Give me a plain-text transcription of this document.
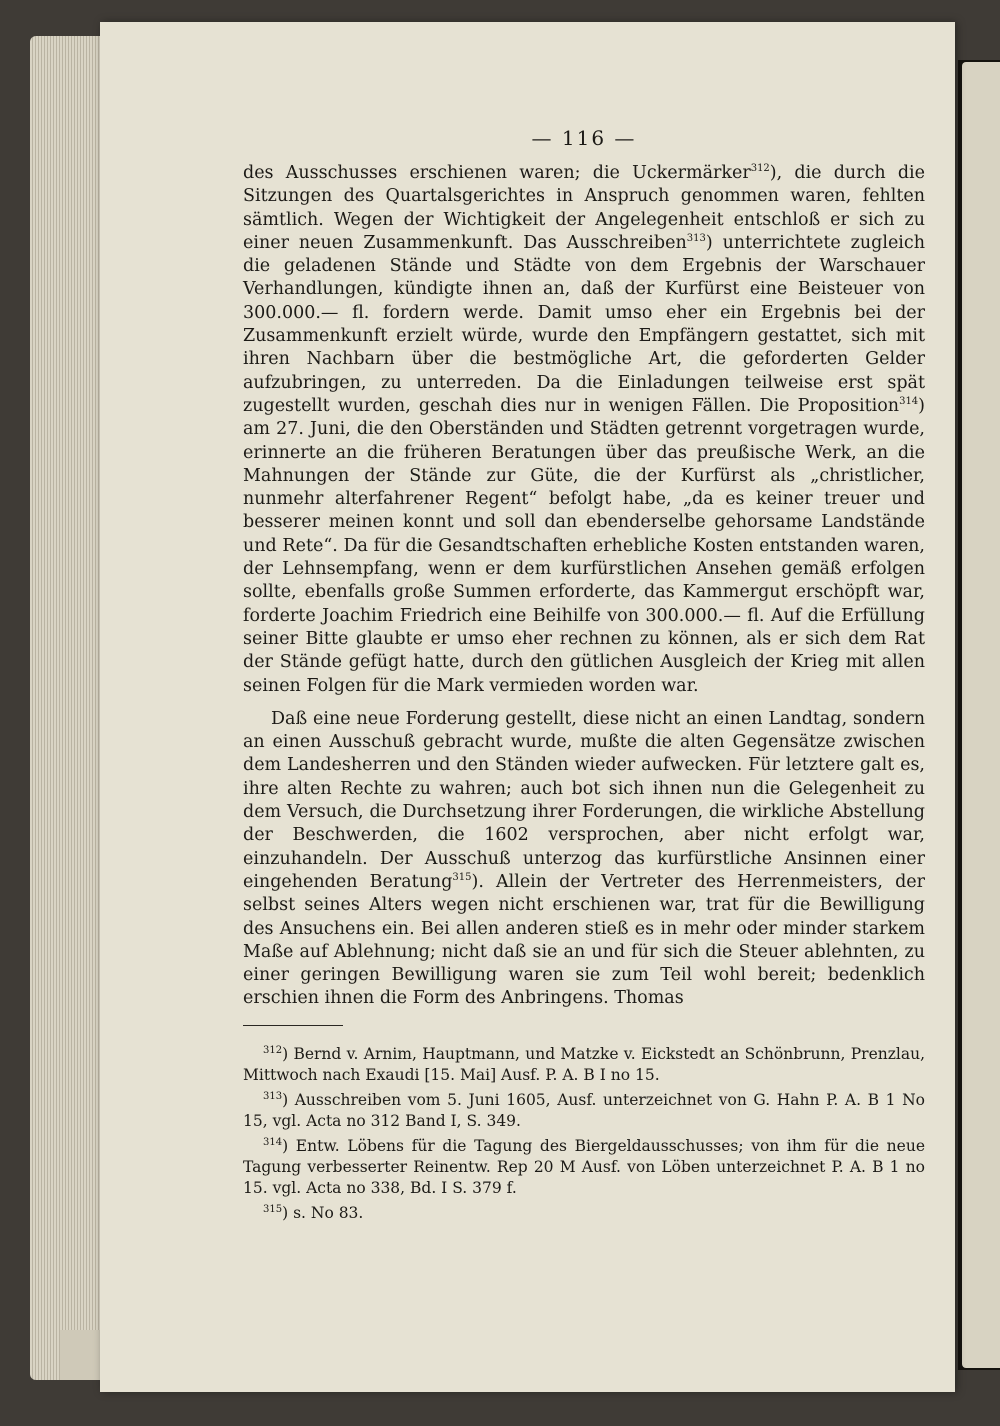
— 116 —

des Ausschusses erschienen waren; die Uckermärker$^{312}$), die durch die Sitzungen des Quartalsgerichtes in Anspruch genommen waren, fehlten sämtlich. Wegen der Wichtigkeit der Angelegenheit entschloß er sich zu einer neuen Zusammenkunft. Das Ausschreiben$^{313}$) unterrichtete zugleich die geladenen Stände und Städte von dem Ergebnis der Warschauer Verhandlungen, kündigte ihnen an, daß der Kurfürst eine Beisteuer von 300.000.— fl. fordern werde. Damit umso eher ein Ergebnis bei der Zusammenkunft erzielt würde, wurde den Empfängern gestattet, sich mit ihren Nachbarn über die bestmögliche Art, die geforderten Gelder aufzubringen, zu unterreden. Da die Einladungen teilweise erst spät zugestellt wurden, geschah dies nur in wenigen Fällen. Die Proposition$^{314}$) am 27. Juni, die den Oberständen und Städten getrennt vorgetragen wurde, erinnerte an die früheren Beratungen über das preußische Werk, an die Mahnungen der Stände zur Güte, die der Kurfürst als „christlicher, nunmehr alterfahrener Regent“ befolgt habe, „da es keiner treuer und besserer meinen konnt und soll dan ebenderselbe gehorsame Landstände und Rete“. Da für die Gesandtschaften erhebliche Kosten entstanden waren, der Lehnsempfang, wenn er dem kurfürstlichen Ansehen gemäß erfolgen sollte, ebenfalls große Summen erforderte, das Kammergut erschöpft war, forderte Joachim Friedrich eine Beihilfe von 300.000.— fl. Auf die Erfüllung seiner Bitte glaubte er umso eher rechnen zu können, als er sich dem Rat der Stände gefügt hatte, durch den gütlichen Ausgleich der Krieg mit allen seinen Folgen für die Mark vermieden worden war.

Daß eine neue Forderung gestellt, diese nicht an einen Landtag, sondern an einen Ausschuß gebracht wurde, mußte die alten Gegensätze zwischen dem Landesherren und den Ständen wieder aufwecken. Für letztere galt es, ihre alten Rechte zu wahren; auch bot sich ihnen nun die Gelegenheit zu dem Versuch, die Durchsetzung ihrer Forderungen, die wirkliche Abstellung der Beschwerden, die 1602 versprochen, aber nicht erfolgt war, einzuhandeln. Der Ausschuß unterzog das kurfürstliche Ansinnen einer eingehenden Beratung$^{315}$). Allein der Vertreter des Herrenmeisters, der selbst seines Alters wegen nicht erschienen war, trat für die Bewilligung des Ansuchens ein. Bei allen anderen stieß es in mehr oder minder starkem Maße auf Ablehnung; nicht daß sie an und für sich die Steuer ablehnten, zu einer geringen Bewilligung waren sie zum Teil wohl bereit; bedenklich erschien ihnen die Form des Anbringens. Thomas

$^{312}$) Bernd v. Arnim, Hauptmann, und Matzke v. Eickstedt an Schönbrunn, Prenzlau, Mittwoch nach Exaudi [15. Mai] Ausf. P. A. B I no 15.

$^{313}$) Ausschreiben vom 5. Juni 1605, Ausf. unterzeichnet von G. Hahn P. A. B 1 No 15, vgl. Acta no 312 Band I, S. 349.

$^{314}$) Entw. Löbens für die Tagung des Biergeldausschusses; von ihm für die neue Tagung verbesserter Reinentw. Rep 20 M Ausf. von Löben unterzeichnet P. A. B 1 no 15. vgl. Acta no 338, Bd. I S. 379 f.

$^{315}$) s. No 83.
